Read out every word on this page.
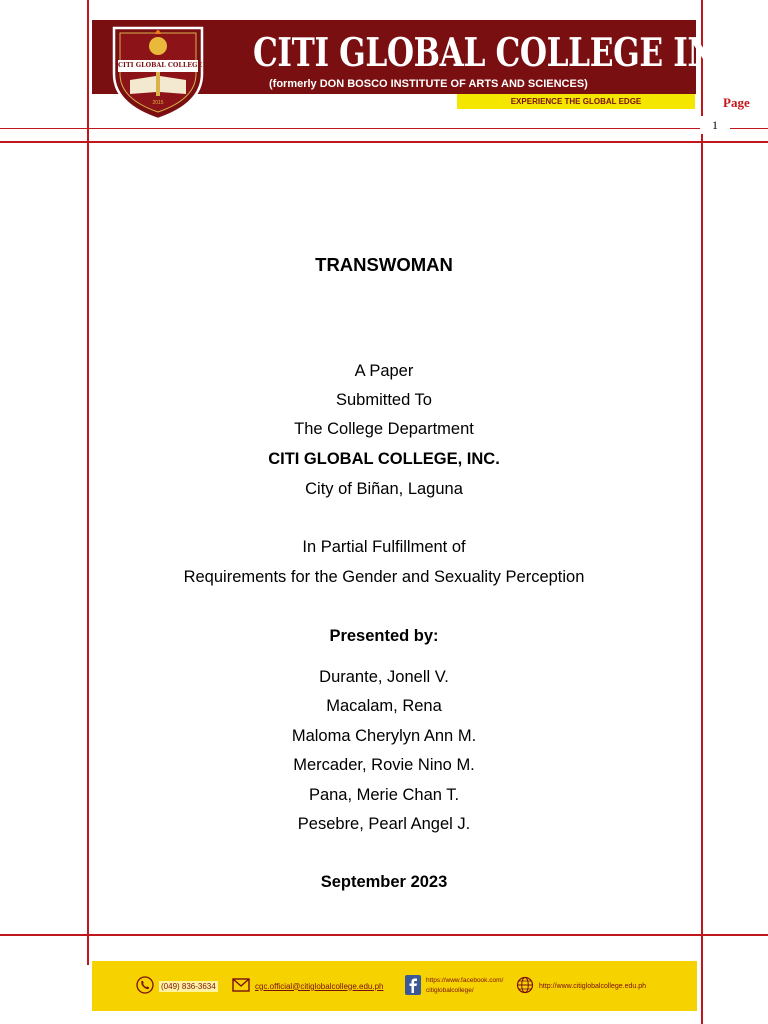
CITI GLOBAL COLLEGE
2015
CITI GLOBAL COLLEGE INC.
(formerly DON BOSCO INSTITUTE OF ARTS AND SCIENCES)
EXPERIENCE THE GLOBAL EDGE	Page
1
TRANSWOMAN
A Paper
Submitted To
The College Department
CITI GLOBAL COLLEGE, INC.
City of Biñan, Laguna
In Partial Fulfillment of
Requirements for the Gender and Sexuality Perception
Presented by:
Durante, Jonell V.
Macalam, Rena
Maloma Cherylyn Ann M.
Mercader, Rovie Nino M.
Pana, Merie Chan T.
Pesebre, Pearl Angel J.
September 2023
(049) 836-3634	cgc.official@citiglobalcollege.edu.ph
https://www.facebook.com/
citiglobalcollege/
http://www.citiglobalcollege.edu.ph
